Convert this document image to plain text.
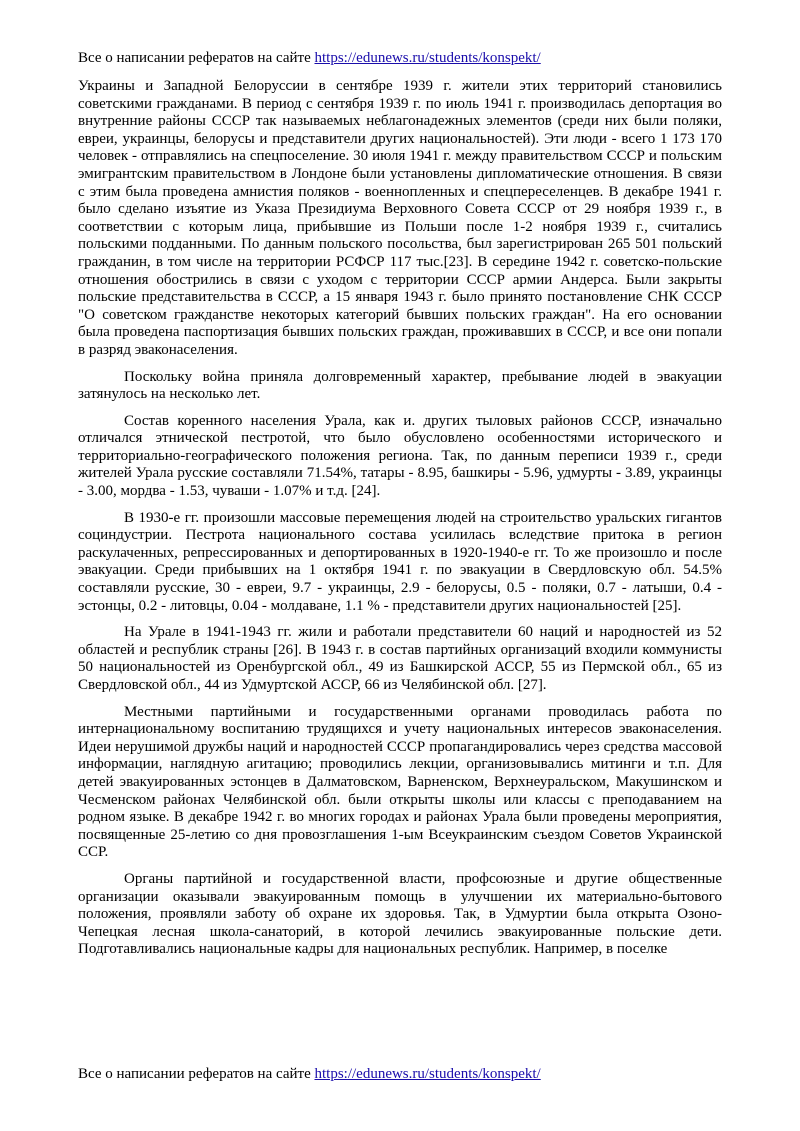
Все о написании рефератов на сайте https://edunews.ru/students/konspekt/

Украины и Западной Белоруссии в сентябре 1939 г. жители этих территорий становились советскими гражданами. В период с сентября 1939 г. по июль 1941 г. производилась депортация во внутренние районы СССР так называемых неблагонадежных элементов (среди них были поляки, евреи, украинцы, белорусы и представители других национальностей). Эти люди - всего 1 173 170 человек - отправлялись на спецпоселение. 30 июля 1941 г. между правительством СССР и польским эмигрантским правительством в Лондоне были установлены дипломатические отношения. В связи с этим была проведена амнистия поляков - военнопленных и спецпереселенцев. В декабре 1941 г. было сделано изъятие из Указа Президиума Верховного Совета СССР от 29 ноября 1939 г., в соответствии с которым лица, прибывшие из Польши после 1-2 ноября 1939 г., считались польскими подданными. По данным польского посольства, был зарегистрирован 265 501 польский гражданин, в том числе на территории РСФСР 117 тыс.[23]. В середине 1942 г. советско-польские отношения обострились в связи с уходом с территории СССР армии Андерса. Были закрыты польские представительства в СССР, а 15 января 1943 г. было принято постановление СНК СССР "О советском гражданстве некоторых категорий бывших польских граждан". На его основании была проведена паспортизация бывших польских граждан, проживавших в СССР, и все они попали в разряд эваконаселения.

Поскольку война приняла долговременный характер, пребывание людей в эвакуации затянулось на несколько лет.

Состав коренного населения Урала, как и. других тыловых районов СССР, изначально отличался этнической пестротой, что было обусловлено особенностями исторического и территориально-географического положения региона. Так, по данным переписи 1939 г., среди жителей Урала русские составляли 71.54%, татары - 8.95, башкиры - 5.96, удмурты - 3.89, украинцы - 3.00, мордва - 1.53, чуваши - 1.07% и т.д. [24].

В 1930-е гг. произошли массовые перемещения людей на строительство уральских гигантов социндустрии. Пестрота национального состава усилилась вследствие притока в регион раскулаченных, репрессированных и депортированных в 1920-1940-е гг. То же произошло и после эвакуации. Среди прибывших на 1 октября 1941 г. по эвакуации в Свердловскую обл. 54.5% составляли русские, 30 - евреи, 9.7 - украинцы, 2.9 - белорусы, 0.5 - поляки, 0.7 - латыши, 0.4 - эстонцы, 0.2 - литовцы, 0.04 - молдаване, 1.1 % - представители других национальностей [25].

На Урале в 1941-1943 гг. жили и работали представители 60 наций и народностей из 52 областей и республик страны [26]. В 1943 г. в состав партийных организаций входили коммунисты 50 национальностей из Оренбургской обл., 49 из Башкирской АССР, 55 из Пермской обл., 65 из Свердловской обл., 44 из Удмуртской АССР, 66 из Челябинской обл. [27].

Местными партийными и государственными органами проводилась работа по интернациональному воспитанию трудящихся и учету национальных интересов эваконаселения. Идеи нерушимой дружбы наций и народностей СССР пропагандировались через средства массовой информации, наглядную агитацию; проводились лекции, организовывались митинги и т.п. Для детей эвакуированных эстонцев в Далматовском, Варненском, Верхнеуральском, Макушинском и Чесменском районах Челябинской обл. были открыты школы или классы с преподаванием на родном языке. В декабре 1942 г. во многих городах и районах Урала были проведены мероприятия, посвященные 25-летию со дня провозглашения 1-ым Всеукраинским съездом Советов Украинской ССР.

Органы партийной и государственной власти, профсоюзные и другие общественные организации оказывали эвакуированным помощь в улучшении их материально-бытового положения, проявляли заботу об охране их здоровья. Так, в Удмуртии была открыта Озоно-Чепецкая лесная школа-санаторий, в которой лечились эвакуированные польские дети. Подготавливались национальные кадры для национальных республик. Например, в поселке

Все о написании рефератов на сайте https://edunews.ru/students/konspekt/
